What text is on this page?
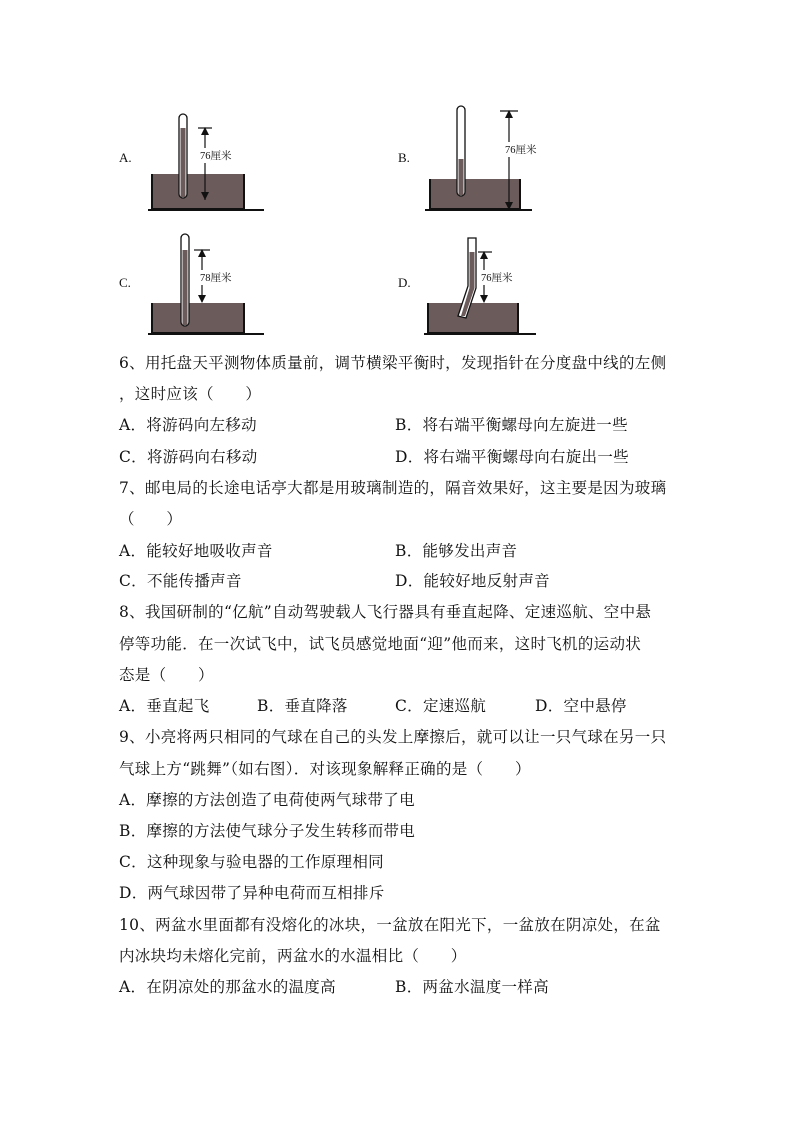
A.	76厘米	B.	76厘米
C.	78厘米	D.	76厘米
6、用托盘天平测物体质量前，调节横梁平衡时，发现指针在分度盘中线的左侧
，这时应该（　　）
A．将游码向左移动	B．将右端平衡螺母向左旋进一些
C．将游码向右移动	D．将右端平衡螺母向右旋出一些
7、邮电局的长途电话亭大都是用玻璃制造的，隔音效果好，这主要是因为玻璃
（　　）
A．能较好地吸收声音	B．能够发出声音
C．不能传播声音	D．能较好地反射声音
8、我国研制的“亿航”自动驾驶载人飞行器具有垂直起降、定速巡航、空中悬
停等功能．在一次试飞中，试飞员感觉地面“迎”他而来，这时飞机的运动状
态是（　　）
A．垂直起飞	B．垂直降落	C．定速巡航	D．空中悬停
9、小亮将两只相同的气球在自己的头发上摩擦后，就可以让一只气球在另一只
气球上方“跳舞”（如右图）．对该现象解释正确的是（　　）
A．摩擦的方法创造了电荷使两气球带了电
B．摩擦的方法使气球分子发生转移而带电
C．这种现象与验电器的工作原理相同
D．两气球因带了异种电荷而互相排斥
10、两盆水里面都有没熔化的冰块，一盆放在阳光下，一盆放在阴凉处，在盆
内冰块均未熔化完前，两盆水的水温相比（　　）
A．在阴凉处的那盆水的温度高	B．两盆水温度一样高
